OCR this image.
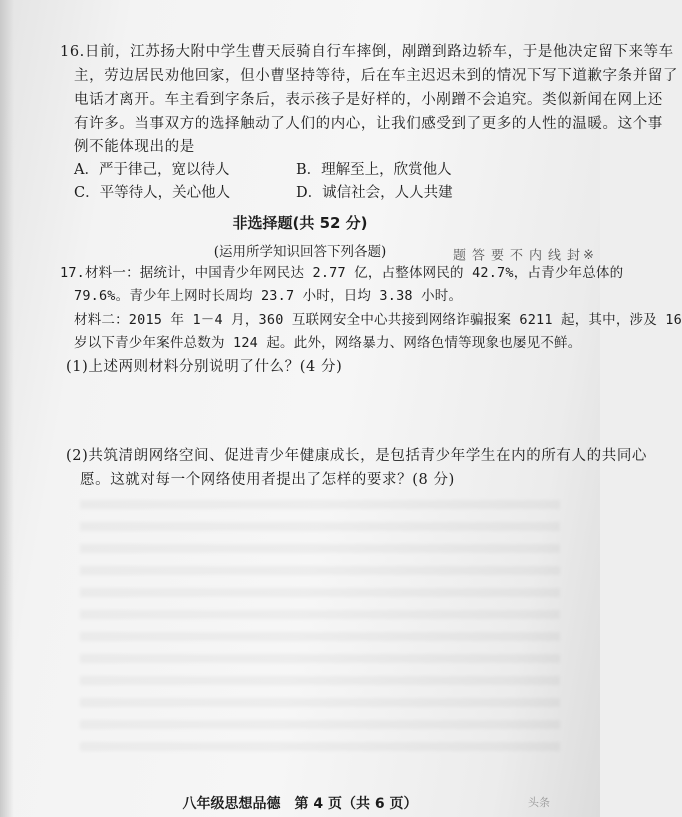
16.日前，江苏扬大附中学生曹天辰骑自行车摔倒，剐蹭到路边轿车，于是他决定留下来等车
主，劳边居民劝他回家，但小曹坚持等待，后在车主迟迟未到的情况下写下道歉字条并留了
电话才离开。车主看到字条后，表示孩子是好样的，小剐蹭不会追究。类似新闻在网上还
有许多。当事双方的选择触动了人们的内心，让我们感受到了更多的人性的温暖。这个事
例不能体现出的是
A．严于律己，宽以待人	B．理解至上，欣赏他人
C．平等待人，关心他人	D．诚信社会，人人共建
非选择题(共 52 分)
(运用所学知识回答下列各题)
17.材料一：据统计，中国青少年网民达 2.77 亿，占整体网民的 42.7%，占青少年总体的
79.6%。青少年上网时长周均 23.7 小时，日均 3.38 小时。
材料二：2015 年 1－4 月，360 互联网安全中心共接到网络诈骗报案 6211 起，其中，涉及 16
岁以下青少年案件总数为 124 起。此外，网络暴力、网络色情等现象也屡见不鲜。
(1)上述两则材料分别说明了什么？(4 分)
(2)共筑清朗网络空间、促进青少年健康成长，是包括青少年学生在内的所有人的共同心
愿。这就对每一个网络使用者提出了怎样的要求？(8 分)
※
封
线
内
不
要
答
题
八年级思想品德　第 4 页（共 6 页）	头条
